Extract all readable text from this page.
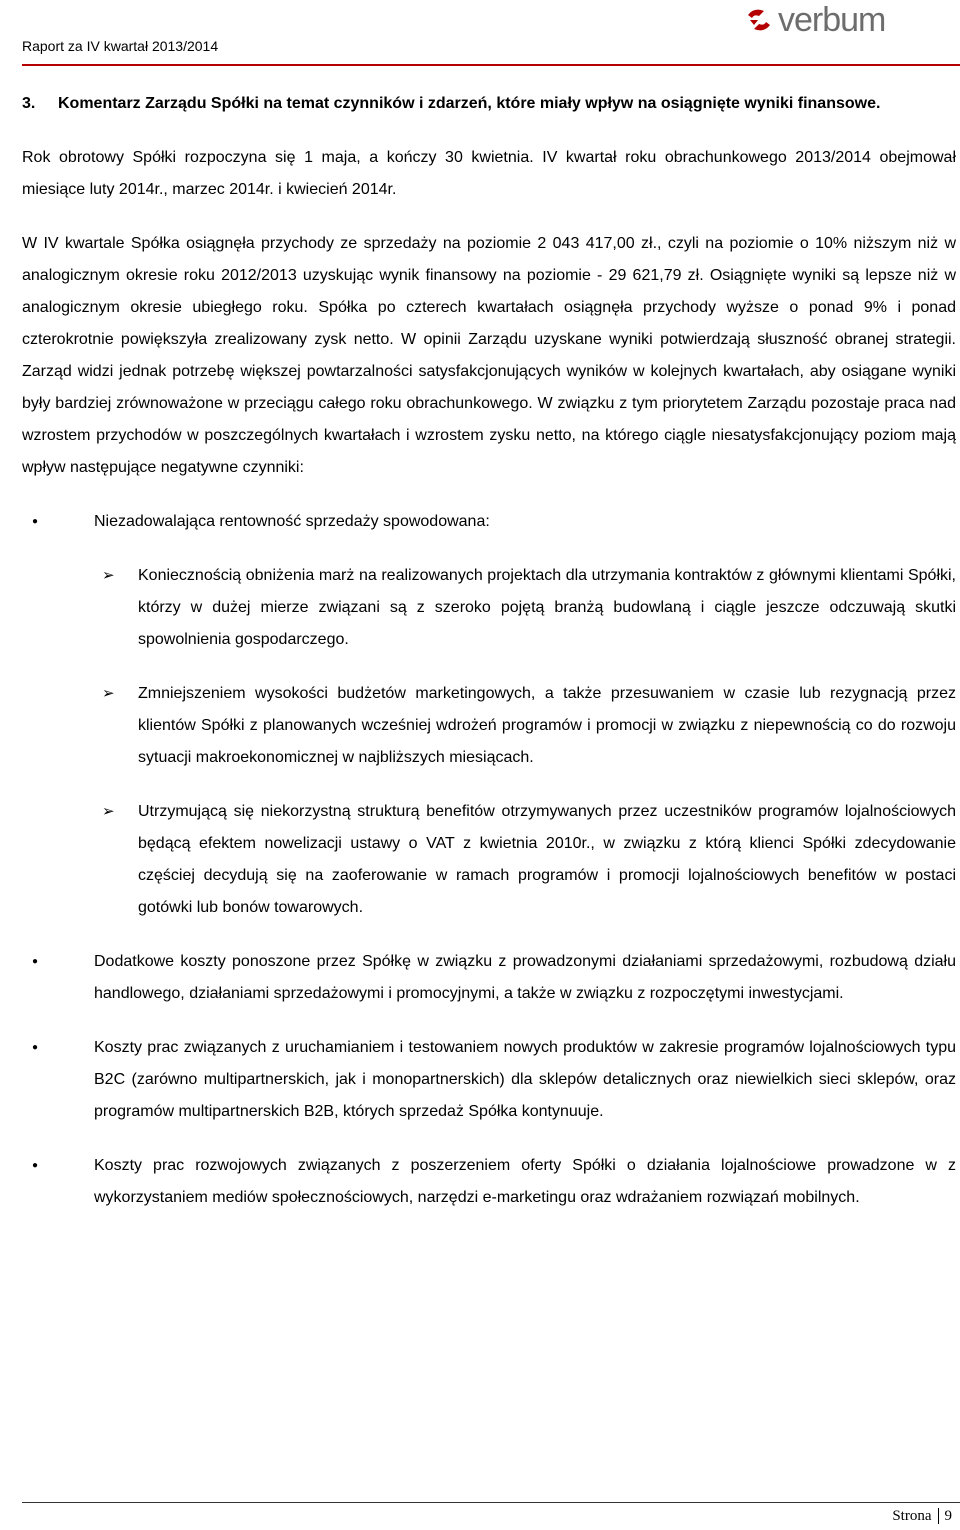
Raport za IV kwartał 2013/2014
verbum
3.	Komentarz Zarządu Spółki na temat czynników i zdarzeń, które miały wpływ na osiągnięte wyniki finansowe.

Rok obrotowy Spółki rozpoczyna się 1 maja, a kończy 30 kwietnia. IV kwartał roku obrachunkowego 2013/2014 obejmował miesiące luty 2014r., marzec 2014r. i kwiecień 2014r.

W IV kwartale Spółka osiągnęła przychody ze sprzedaży na poziomie 2 043 417,00 zł., czyli na poziomie o 10% niższym niż w analogicznym okresie roku 2012/2013 uzyskując wynik finansowy na poziomie - 29 621,79 zł. Osiągnięte wyniki są lepsze niż w analogicznym okresie ubiegłego roku. Spółka po czterech kwartałach osiągnęła przychody wyższe o ponad 9% i ponad czterokrotnie powiększyła zrealizowany zysk netto. W opinii Zarządu uzyskane wyniki potwierdzają słuszność obranej strategii. Zarząd widzi jednak potrzebę większej powtarzalności satysfakcjonujących wyników w kolejnych kwartałach, aby osiągane wyniki były bardziej zrównoważone w przeciągu całego roku obrachunkowego. W związku z tym priorytetem Zarządu pozostaje praca nad wzrostem przychodów w poszczególnych kwartałach i wzrostem zysku netto, na którego ciągle niesatysfakcjonujący poziom mają wpływ następujące negatywne czynniki:

●	Niezadowalająca rentowność sprzedaży spowodowana:
➢	Koniecznością obniżenia marż na realizowanych projektach dla utrzymania kontraktów z głównymi klientami Spółki, którzy w dużej mierze związani są z szeroko pojętą branżą budowlaną i ciągle jeszcze odczuwają skutki spowolnienia gospodarczego.
➢	Zmniejszeniem wysokości budżetów marketingowych, a także przesuwaniem w czasie lub rezygnacją przez klientów Spółki z planowanych wcześniej wdrożeń programów i promocji w związku z niepewnością co do rozwoju sytuacji makroekonomicznej w najbliższych miesiącach.
➢	Utrzymującą się niekorzystną strukturą benefitów otrzymywanych przez uczestników programów lojalnościowych będącą efektem nowelizacji ustawy o VAT z kwietnia 2010r., w związku z którą klienci Spółki zdecydowanie częściej decydują się na zaoferowanie w ramach programów i promocji lojalnościowych benefitów w postaci gotówki lub bonów towarowych.
●	Dodatkowe koszty ponoszone przez Spółkę w związku z prowadzonymi działaniami sprzedażowymi, rozbudową działu handlowego, działaniami sprzedażowymi i promocyjnymi, a także w związku z rozpoczętymi inwestycjami.
●	Koszty prac związanych z uruchamianiem i testowaniem nowych produktów w zakresie programów lojalnościowych typu B2C (zarówno multipartnerskich, jak i monopartnerskich) dla sklepów detalicznych oraz niewielkich sieci sklepów, oraz programów multipartnerskich B2B, których sprzedaż Spółka kontynuuje.
●	Koszty prac rozwojowych związanych z poszerzeniem oferty Spółki o działania lojalnościowe prowadzone w z wykorzystaniem mediów społecznościowych, narzędzi e-marketingu oraz wdrażaniem rozwiązań mobilnych.
Strona 9
